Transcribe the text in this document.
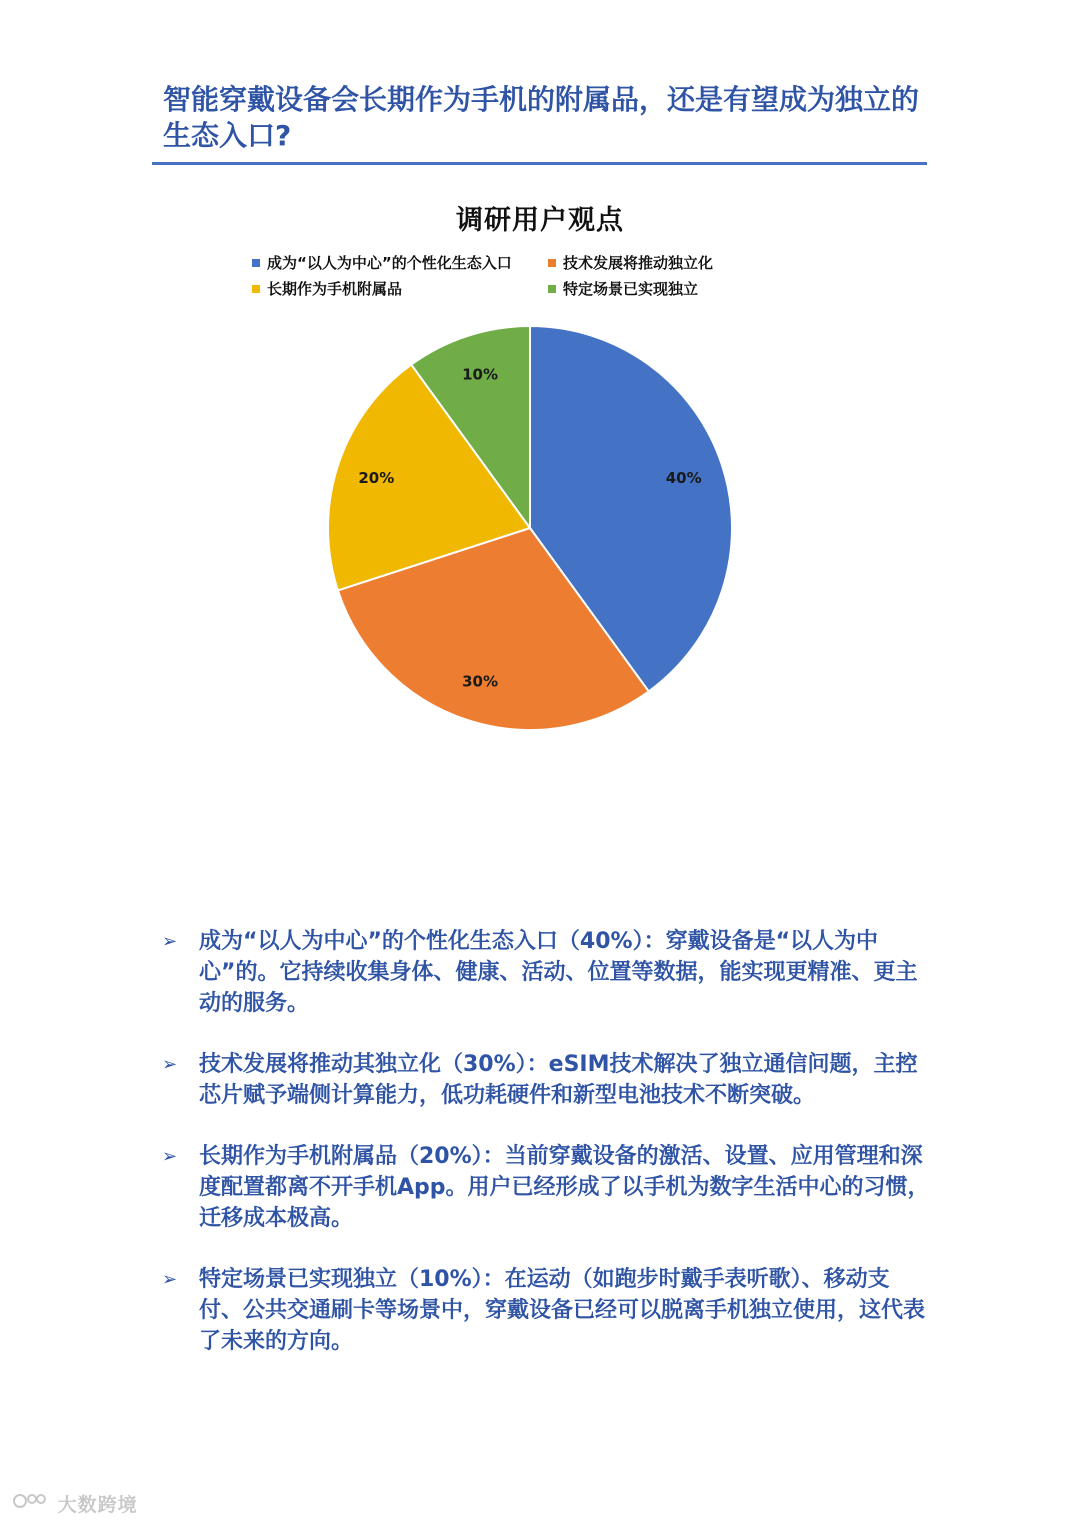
智能穿戴设备会长期作为手机的附属品，还是有望成为独立的生态入口?
调研用户观点
成为“以人为中心”的个性化生态入口	技术发展将推动独立化
长期作为手机附属品	特定场景已实现独立
40%
30%
20%
10%
➢ 成为“以人为中心”的个性化生态入口（40%）：穿戴设备是“以人为中心”的。它持续收集身体、健康、活动、位置等数据，能实现更精准、更主动的服务。
➢ 技术发展将推动其独立化（30%）：eSIM技术解决了独立通信问题，主控芯片赋予端侧计算能力，低功耗硬件和新型电池技术不断突破。
➢ 长期作为手机附属品（20%）：当前穿戴设备的激活、设置、应用管理和深度配置都离不开手机App。用户已经形成了以手机为数字生活中心的习惯，迁移成本极高。
➢ 特定场景已实现独立（10%）：在运动（如跑步时戴手表听歌）、移动支付、公共交通刷卡等场景中，穿戴设备已经可以脱离手机独立使用，这代表了未来的方向。
大数跨境
